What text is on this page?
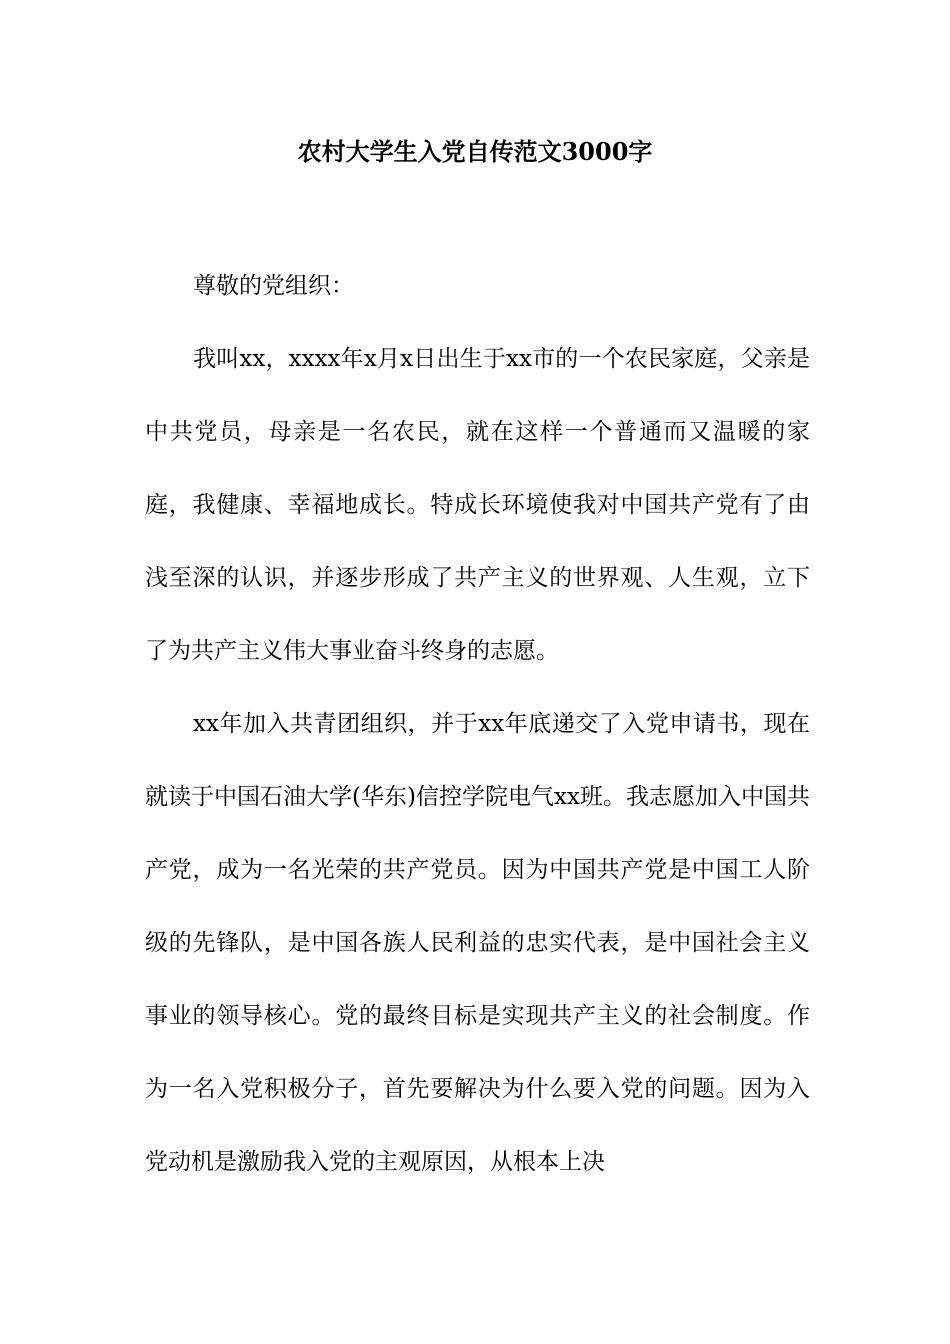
农村大学生入党自传范文3000字

尊敬的党组织：

我叫xx，xxxx年x月x日出生于xx市的一个农民家庭，父亲是中共党员，母亲是一名农民，就在这样一个普通而又温暖的家庭，我健康、幸福地成长。特成长环境使我对中国共产党有了由浅至深的认识，并逐步形成了共产主义的世界观、人生观，立下了为共产主义伟大事业奋斗终身的志愿。

xx年加入共青团组织，并于xx年底递交了入党申请书，现在就读于中国石油大学(华东)信控学院电气xx班。我志愿加入中国共产党，成为一名光荣的共产党员。因为中国共产党是中国工人阶级的先锋队，是中国各族人民利益的忠实代表，是中国社会主义事业的领导核心。党的最终目标是实现共产主义的社会制度。作为一名入党积极分子，首先要解决为什么要入党的问题。因为入党动机是激励我入党的主观原因，从根本上决
